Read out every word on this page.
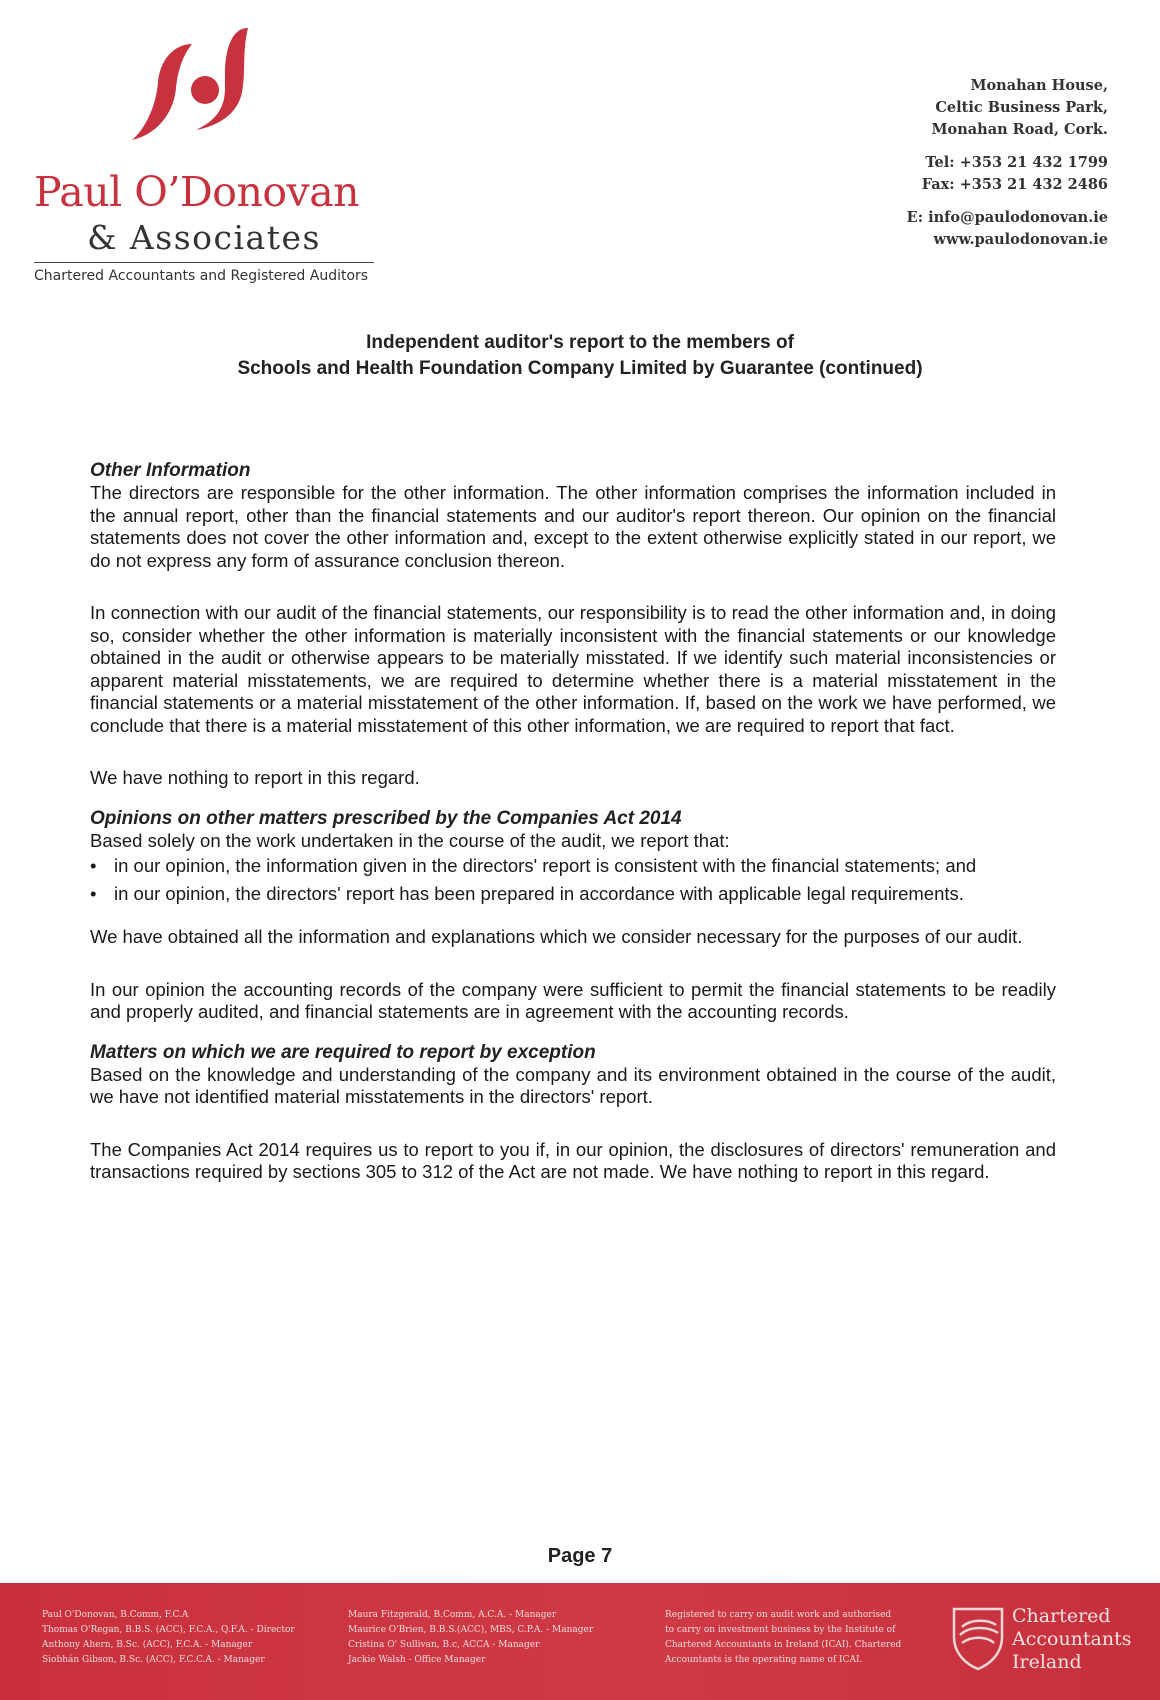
Paul O’Donovan
& Associates
Chartered Accountants and Registered Auditors
Monahan House,
Celtic Business Park,
Monahan Road, Cork.
Tel: +353 21 432 1799
Fax: +353 21 432 2486
E: info@paulodonovan.ie
www.paulodonovan.ie
Independent auditor's report to the members of
Schools and Health Foundation Company Limited by Guarantee (continued)
Other Information

The directors are responsible for the other information. The other information comprises the information included in the annual report, other than the financial statements and our auditor's report thereon. Our opinion on the financial statements does not cover the other information and, except to the extent otherwise explicitly stated in our report, we do not express any form of assurance conclusion thereon.

In connection with our audit of the financial statements, our responsibility is to read the other information and, in doing so, consider whether the other information is materially inconsistent with the financial statements or our knowledge obtained in the audit or otherwise appears to be materially misstated. If we identify such material inconsistencies or apparent material misstatements, we are required to determine whether there is a material misstatement in the financial statements or a material misstatement of the other information. If, based on the work we have performed, we conclude that there is a material misstatement of this other information, we are required to report that fact.

We have nothing to report in this regard.

Opinions on other matters prescribed by the Companies Act 2014

Based solely on the work undertaken in the course of the audit, we report that:

• in our opinion, the information given in the directors' report is consistent with the financial statements; and
• in our opinion, the directors' report has been prepared in accordance with applicable legal requirements.

We have obtained all the information and explanations which we consider necessary for the purposes of our audit.

In our opinion the accounting records of the company were sufficient to permit the financial statements to be readily and properly audited, and financial statements are in agreement with the accounting records.

Matters on which we are required to report by exception

Based on the knowledge and understanding of the company and its environment obtained in the course of the audit, we have not identified material misstatements in the directors' report.

The Companies Act 2014 requires us to report to you if, in our opinion, the disclosures of directors' remuneration and transactions required by sections 305 to 312 of the Act are not made. We have nothing to report in this regard.

Page 7
Paul O'Donovan, B.Comm, F.C.A
Thomas O'Regan, B.B.S. (ACC), F.C.A., Q.F.A. - Director
Anthony Ahern, B.Sc. (ACC), F.C.A. - Manager
Siobhán Gibson, B.Sc. (ACC), F.C.C.A. - Manager
Maura Fitzgerald, B.Comm, A.C.A. - Manager
Maurice O'Brien, B.B.S.(ACC), MBS, C.P.A. - Manager
Cristina O' Sullivan, B.c, ACCA - Manager
Jackie Walsh - Office Manager
Registered to carry on audit work and authorised
to carry on investment business by the Institute of
Chartered Accountants in Ireland (ICAI). Chartered
Accountants is the operating name of ICAI.
Chartered
Accountants
Ireland
